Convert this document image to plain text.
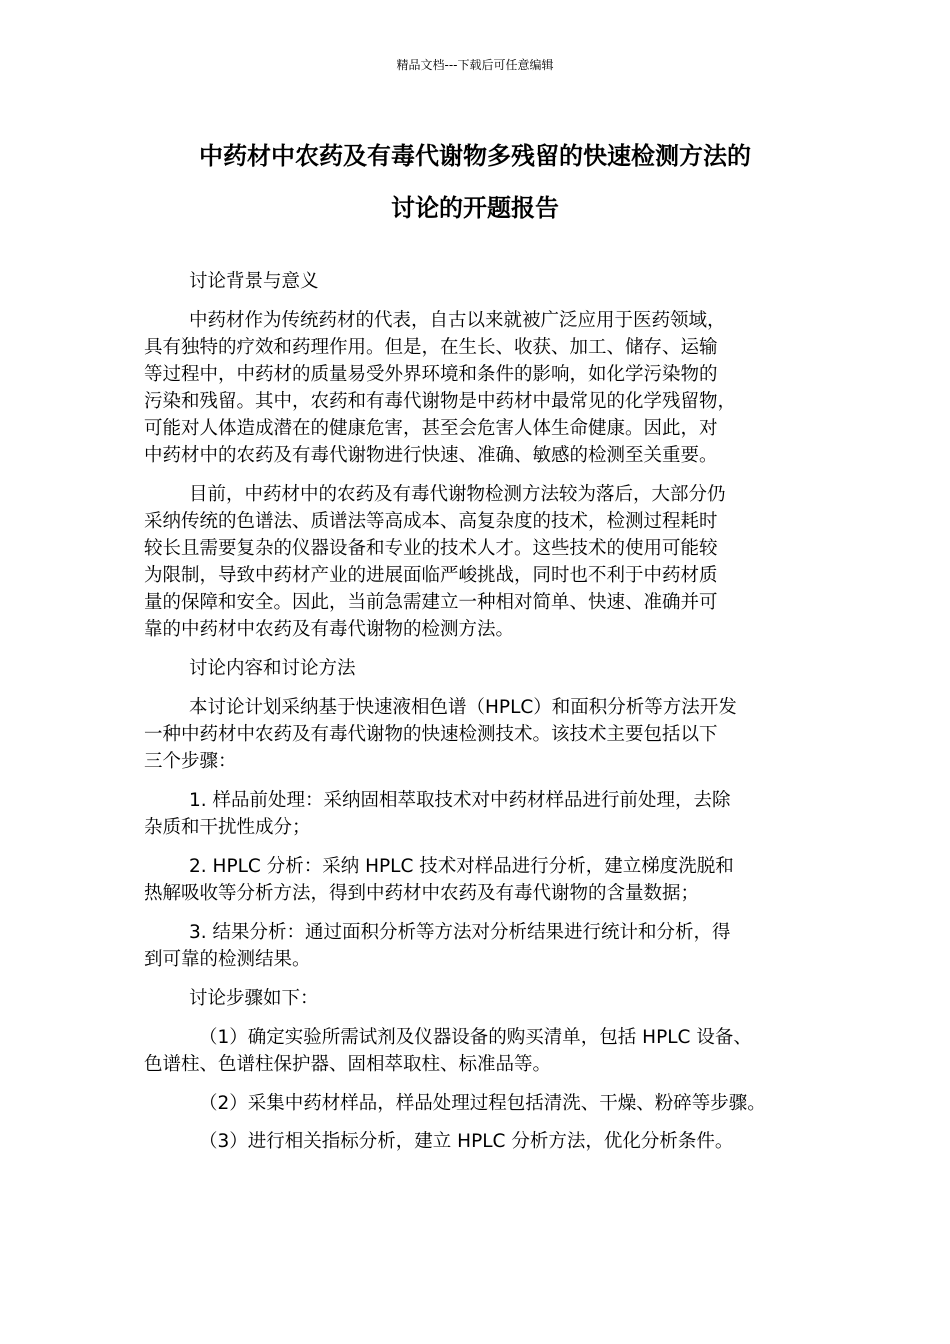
精品文档---下载后可任意编辑
中药材中农药及有毒代谢物多残留的快速检测方法的
讨论的开题报告

讨论背景与意义

中药材作为传统药材的代表，自古以来就被广泛应用于医药领域，
具有独特的疗效和药理作用。但是，在生长、收获、加工、储存、运输
等过程中，中药材的质量易受外界环境和条件的影响，如化学污染物的
污染和残留。其中，农药和有毒代谢物是中药材中最常见的化学残留物，
可能对人体造成潜在的健康危害，甚至会危害人体生命健康。因此，对
中药材中的农药及有毒代谢物进行快速、准确、敏感的检测至关重要。

目前，中药材中的农药及有毒代谢物检测方法较为落后，大部分仍
采纳传统的色谱法、质谱法等高成本、高复杂度的技术，检测过程耗时
较长且需要复杂的仪器设备和专业的技术人才。这些技术的使用可能较
为限制，导致中药材产业的进展面临严峻挑战，同时也不利于中药材质
量的保障和安全。因此，当前急需建立一种相对简单、快速、准确并可
靠的中药材中农药及有毒代谢物的检测方法。

讨论内容和讨论方法

本讨论计划采纳基于快速液相色谱（HPLC）和面积分析等方法开发
一种中药材中农药及有毒代谢物的快速检测技术。该技术主要包括以下
三个步骤：

1. 样品前处理：采纳固相萃取技术对中药材样品进行前处理，去除
杂质和干扰性成分；

2. HPLC 分析：采纳 HPLC 技术对样品进行分析，建立梯度洗脱和
热解吸收等分析方法，得到中药材中农药及有毒代谢物的含量数据；

3. 结果分析：通过面积分析等方法对分析结果进行统计和分析，得
到可靠的检测结果。

讨论步骤如下：

（1）确定实验所需试剂及仪器设备的购买清单，包括 HPLC 设备、
色谱柱、色谱柱保护器、固相萃取柱、标准品等。

（2）采集中药材样品，样品处理过程包括清洗、干燥、粉碎等步骤。

（3）进行相关指标分析，建立 HPLC 分析方法，优化分析条件。
